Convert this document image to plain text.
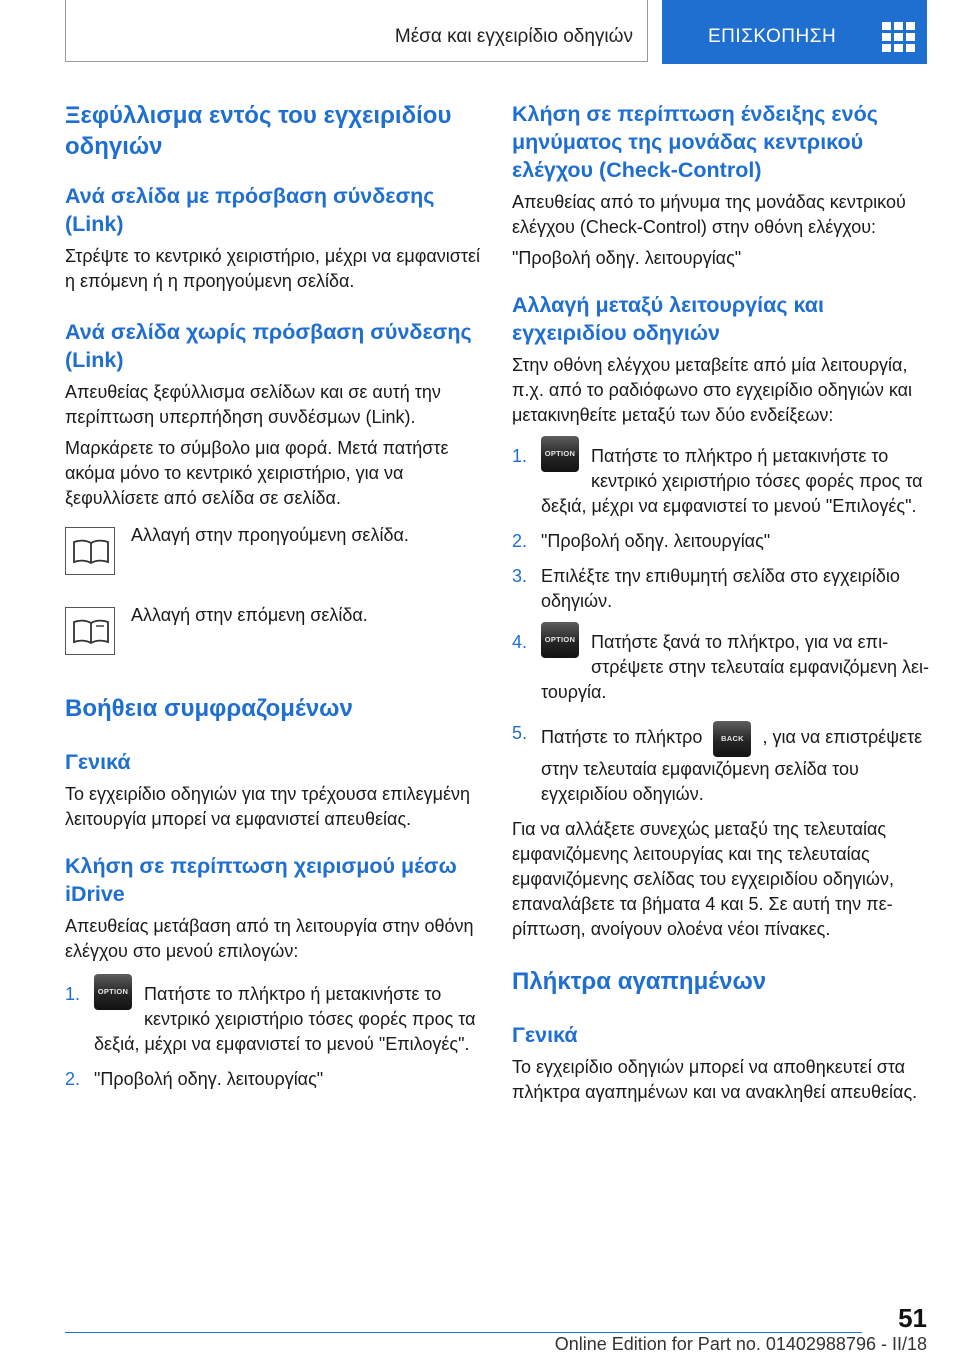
Μέσα και εγχειρίδιο οδηγιών	ΕΠΙΣΚΟΠΗΣΗ
Ξεφύλλισμα εντός του εγχειριδίου οδηγιών
Ανά σελίδα με πρόσβαση σύνδεσης (Link)

Στρέψτε το κεντρικό χειριστήριο, μέχρι να εμφανιστεί η επόμενη ή η προηγούμενη σελίδα.

Ανά σελίδα χωρίς πρόσβαση σύνδεσης (Link)

Απευθείας ξεφύλλισμα σελίδων και σε αυτή την περίπτωση υπερπήδηση συνδέσμων (Link).

Μαρκάρετε το σύμβολο μια φορά. Μετά πατήστε ακόμα μόνο το κεντρικό χειριστήριο, για να ξεφυλλίσετε από σελίδα σε σελίδα.

Αλλαγή στην προηγούμενη σελίδα.

Αλλαγή στην επόμενη σελίδα.

Βοήθεια συμφραζομένων
Γενικά

Το εγχειρίδιο οδηγιών για την τρέχουσα επιλεγμένη λειτουργία μπορεί να εμφανιστεί απευθείας.

Κλήση σε περίπτωση χειρισμού μέσω iDrive

Απευθείας μετάβαση από τη λειτουργία στην οθόνη ελέγχου στο μενού επιλογών:

1.	OPTION Πατήστε το πλήκτρο ή μετακινήστε το κεντρικό χειριστήριο τόσες φορές προς τα δεξιά, μέχρι να εμφανιστεί το μενού "Επιλογές".
2. "Προβολή οδηγ. λειτουργίας"
Κλήση σε περίπτωση ένδειξης ενός μηνύματος της μονάδας κεντρικού ελέγχου (Check-Control)

Απευθείας από το μήνυμα της μονάδας κεντρικού ελέγχου (Check-Control) στην οθόνη ελέγχου:

"Προβολή οδηγ. λειτουργίας"

Αλλαγή μεταξύ λειτουργίας και εγχειριδίου οδηγιών

Στην οθόνη ελέγχου μεταβείτε από μία λειτουργία, π.χ. από το ραδιόφωνο στο εγχειρίδιο οδηγιών και μετακινηθείτε μεταξύ των δύο ενδείξεων:

1.	OPTION Πατήστε το πλήκτρο ή μετακινήστε το κεντρικό χειριστήριο τόσες φορές προς τα δεξιά, μέχρι να εμφανιστεί το μενού "Επιλογές".
2. "Προβολή οδηγ. λειτουργίας"
3. Επιλέξτε την επιθυμητή σελίδα στο εγχειρίδιο οδηγιών.
4.	OPTION Πατήστε ξανά το πλήκτρο, για να επιστρέψετε στην τελευταία εμφανιζόμενη λειτουργία.
5. Πατήστε το πλήκτρο BACK , για να επιστρέψετε στην τελευταία εμφανιζόμενη σελίδα του εγχειριδίου οδηγιών.

Για να αλλάξετε συνεχώς μεταξύ της τελευταίας εμφανιζόμενης λειτουργίας και της τελευταίας εμφανιζόμενης σελίδας του εγχειριδίου οδηγιών, επαναλάβετε τα βήματα 4 και 5. Σε αυτή την περίπτωση, ανοίγουν ολοένα νέοι πίνακες.

Πλήκτρα αγαπημένων
Γενικά

Το εγχειρίδιο οδηγιών μπορεί να αποθηκευτεί στα πλήκτρα αγαπημένων και να ανακληθεί απευθείας.

51
Online Edition for Part no. 01402988796 - II/18
